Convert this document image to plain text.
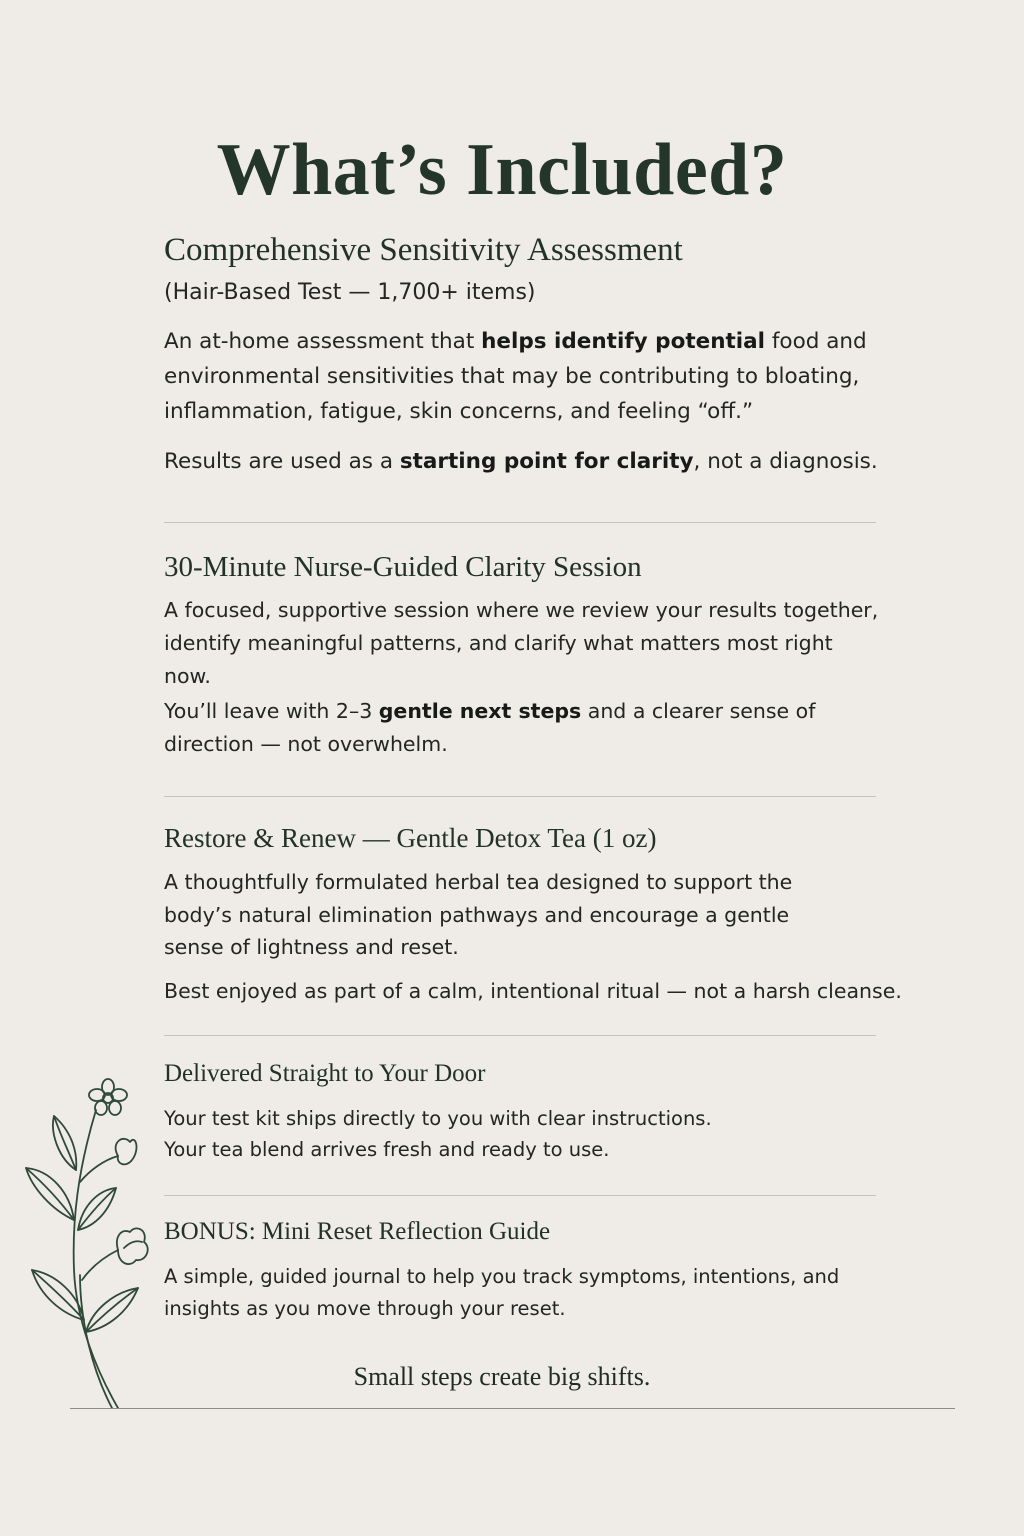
What’s Included?
Comprehensive Sensitivity Assessment

(Hair-Based Test — 1,700+ items)

An at-home assessment that helps identify potential food and environmental sensitivities that may be contributing to bloating, inflammation, fatigue, skin concerns, and feeling “off.”

Results are used as a starting point for clarity, not a diagnosis.

30-Minute Nurse-Guided Clarity Session

A focused, supportive session where we review your results together, identify meaningful patterns, and clarify what matters most right now.

You’ll leave with 2–3 gentle next steps and a clearer sense of direction — not overwhelm.

Restore & Renew — Gentle Detox Tea (1 oz)

A thoughtfully formulated herbal tea designed to support the body’s natural elimination pathways and encourage a gentle sense of lightness and reset.

Best enjoyed as part of a calm, intentional ritual — not a harsh cleanse.

Delivered Straight to Your Door

Your test kit ships directly to you with clear instructions.
Your tea blend arrives fresh and ready to use.

BONUS: Mini Reset Reflection Guide

A simple, guided journal to help you track symptoms, intentions, and insights as you move through your reset.

Small steps create big shifts.
